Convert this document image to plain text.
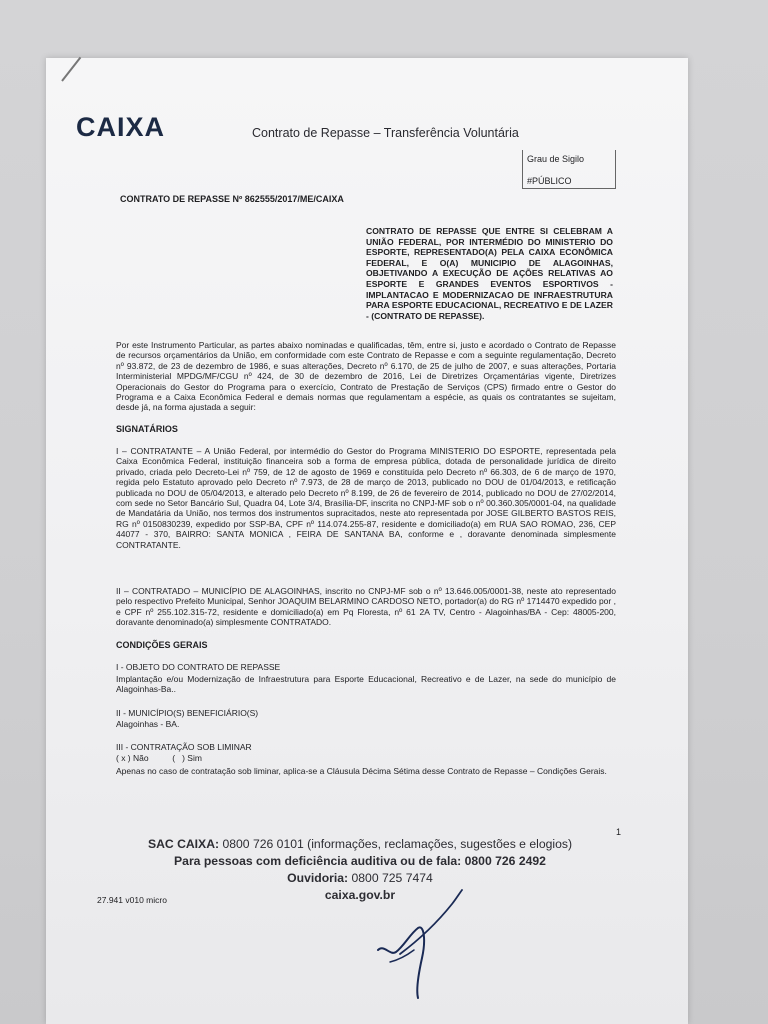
CAIXA	Contrato de Repasse – Transferência Voluntária
Grau de Sigilo
#PÚBLICO
CONTRATO DE REPASSE Nº 862555/2017/ME/CAIXA
CONTRATO DE REPASSE QUE ENTRE SI CELEBRAM A UNIÃO FEDERAL, POR INTERMÉDIO DO MINISTERIO DO ESPORTE, REPRESENTADO(A) PELA CAIXA ECONÔMICA FEDERAL, E O(A) MUNICIPIO DE ALAGOINHAS, OBJETIVANDO A EXECUÇÃO DE AÇÕES RELATIVAS AO ESPORTE E GRANDES EVENTOS ESPORTIVOS - IMPLANTACAO E MODERNIZACAO DE INFRAESTRUTURA PARA ESPORTE EDUCACIONAL, RECREATIVO E DE LAZER - (CONTRATO DE REPASSE).
Por este Instrumento Particular, as partes abaixo nominadas e qualificadas, têm, entre si, justo e acordado o Contrato de Repasse de recursos orçamentários da União, em conformidade com este Contrato de Repasse e com a seguinte regulamentação, Decreto nº 93.872, de 23 de dezembro de 1986, e suas alterações, Decreto nº 6.170, de 25 de julho de 2007, e suas alterações, Portaria Interministerial MPDG/MF/CGU nº 424, de 30 de dezembro de 2016, Lei de Diretrizes Orçamentárias vigente, Diretrizes Operacionais do Gestor do Programa para o exercício, Contrato de Prestação de Serviços (CPS) firmado entre o Gestor do Programa e a Caixa Econômica Federal e demais normas que regulamentam a espécie, as quais os contratantes se sujeitam, desde já, na forma ajustada a seguir:
SIGNATÁRIOS
I – CONTRATANTE – A União Federal, por intermédio do Gestor do Programa MINISTERIO DO ESPORTE, representada pela Caixa Econômica Federal, instituição financeira sob a forma de empresa pública, dotada de personalidade jurídica de direito privado, criada pelo Decreto-Lei nº 759, de 12 de agosto de 1969 e constituída pelo Decreto nº 66.303, de 6 de março de 1970, regida pelo Estatuto aprovado pelo Decreto nº 7.973, de 28 de março de 2013, publicado no DOU de 01/04/2013, e retificação publicada no DOU de 05/04/2013, e alterado pelo Decreto nº 8.199, de 26 de fevereiro de 2014, publicado no DOU de 27/02/2014, com sede no Setor Bancário Sul, Quadra 04, Lote 3/4, Brasília-DF, inscrita no CNPJ-MF sob o nº 00.360.305/0001-04, na qualidade de Mandatária da União, nos termos dos instrumentos supracitados, neste ato representada por JOSE GILBERTO BASTOS REIS, RG nº 0150830239, expedido por SSP-BA, CPF nº 114.074.255-87, residente e domiciliado(a) em RUA SAO ROMAO, 236, CEP 44077 - 370, BAIRRO: SANTA MONICA , FEIRA DE SANTANA BA, conforme e , doravante denominada simplesmente CONTRATANTE.
II – CONTRATADO – MUNICÍPIO DE ALAGOINHAS, inscrito no CNPJ-MF sob o nº 13.646.005/0001-38, neste ato representado pelo respectivo Prefeito Municipal, Senhor JOAQUIM BELARMINO CARDOSO NETO, portador(a) do RG nº 1714470 expedido por , e CPF nº 255.102.315-72, residente e domiciliado(a) em Pq Floresta, nº 61 2A TV, Centro - Alagoinhas/BA - Cep: 48005-200, doravante denominado(a) simplesmente CONTRATADO.
CONDIÇÕES GERAIS
I - OBJETO DO CONTRATO DE REPASSE
Implantação e/ou Modernização de Infraestrutura para Esporte Educacional, Recreativo e de Lazer, na sede do município de Alagoinhas-Ba..
II - MUNICÍPIO(S) BENEFICIÁRIO(S)
Alagoinhas - BA.
III - CONTRATAÇÃO SOB LIMINAR
( x ) Não          (   ) Sim
Apenas no caso de contratação sob liminar, aplica-se a Cláusula Décima Sétima desse Contrato de Repasse – Condições Gerais.
1
SAC CAIXA: 0800 726 0101 (informações, reclamações, sugestões e elogios)
Para pessoas com deficiência auditiva ou de fala: 0800 726 2492
Ouvidoria: 0800 725 7474
caixa.gov.br
27.941 v010 micro
